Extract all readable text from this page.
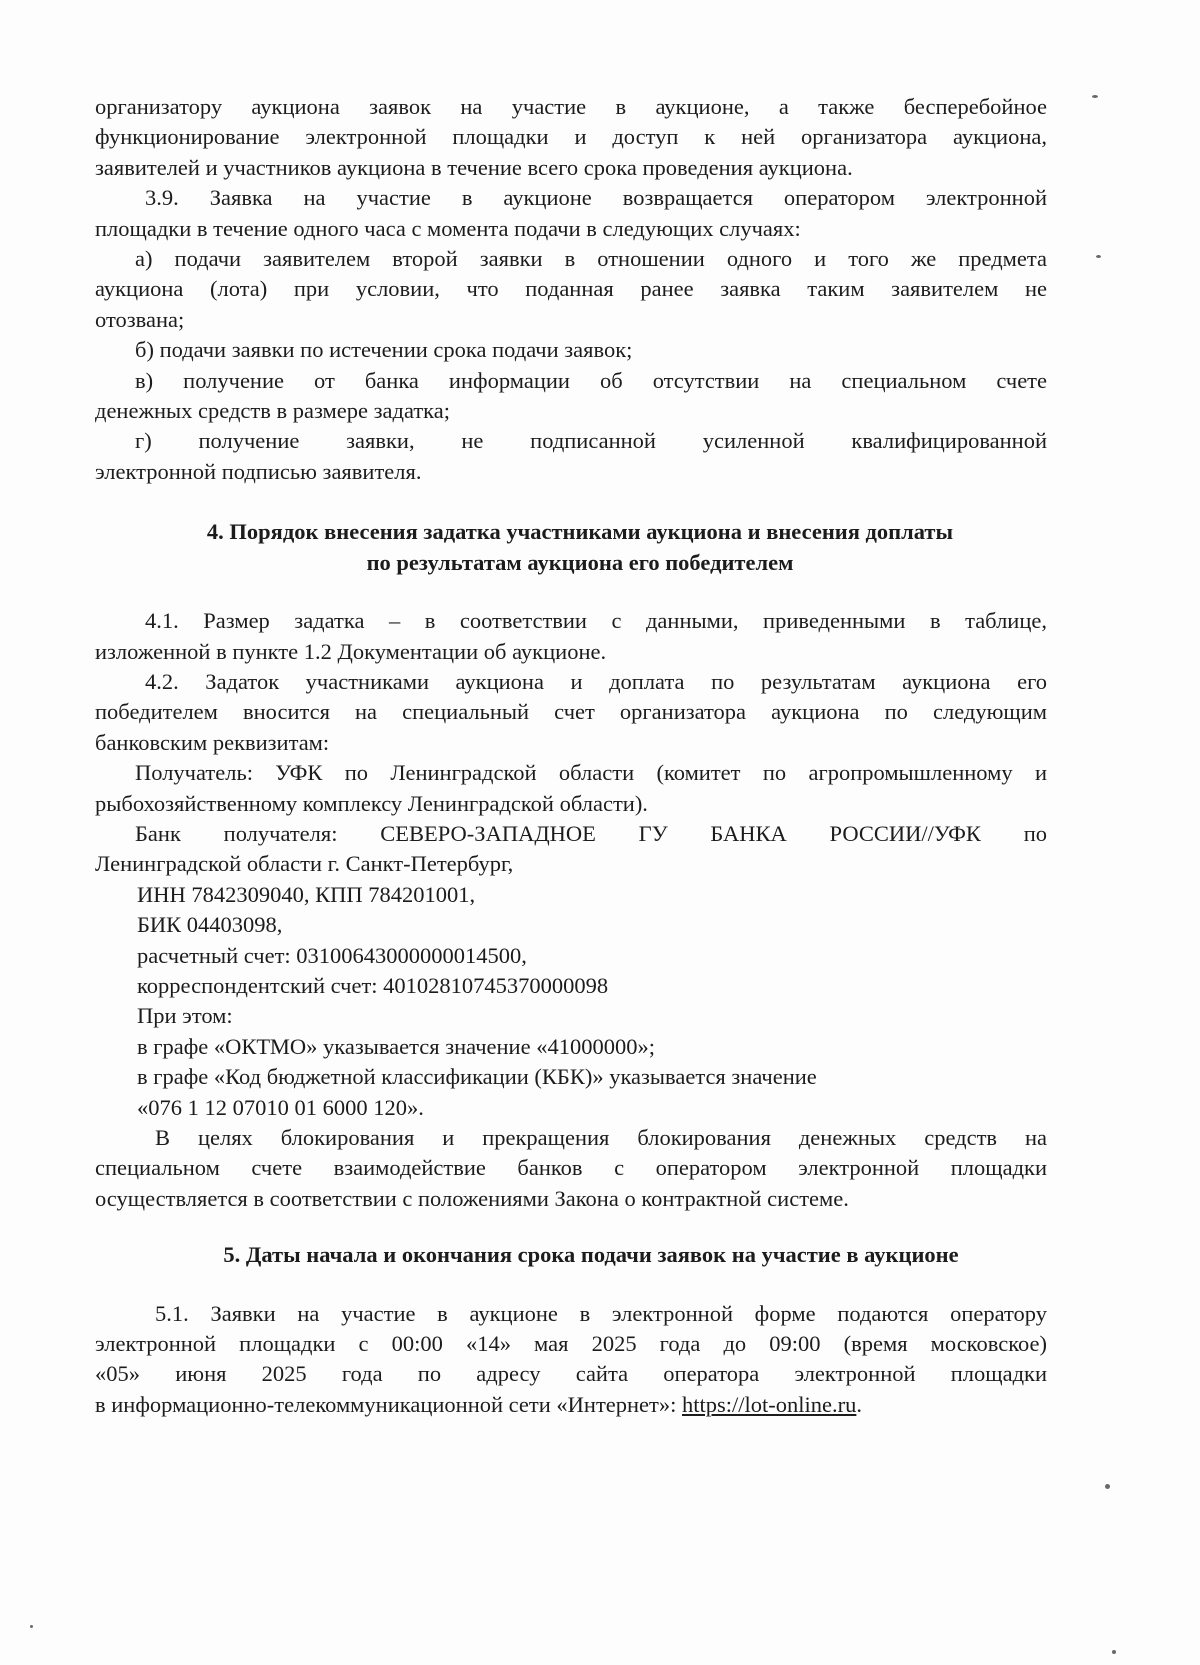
организатору аукциона заявок на участие в аукционе, а также бесперебойное

функционирование электронной площадки и доступ к ней организатора аукциона,

заявителей и участников аукциона в течение всего срока проведения аукциона.

3.9. Заявка на участие в аукционе возвращается оператором электронной

площадки в течение одного часа с момента подачи в следующих случаях:

а) подачи заявителем второй заявки в отношении одного и того же предмета

аукциона (лота) при условии, что поданная ранее заявка таким заявителем не

отозвана;

б) подачи заявки по истечении срока подачи заявок;

в) получение от банка информации об отсутствии на специальном счете

денежных средств в размере задатка;

г) получение заявки, не подписанной усиленной квалифицированной

электронной подписью заявителя.

4. Порядок внесения задатка участниками аукциона и внесения доплаты

по результатам аукциона его победителем

4.1. Размер задатка – в соответствии с данными, приведенными в таблице,

изложенной в пункте 1.2 Документации об аукционе.

4.2. Задаток участниками аукциона и доплата по результатам аукциона его

победителем вносится на специальный счет организатора аукциона по следующим

банковским реквизитам:

Получатель: УФК по Ленинградской области (комитет по агропромышленному и

рыбохозяйственному комплексу Ленинградской области).

Банк получателя: СЕВЕРО-ЗАПАДНОЕ ГУ БАНКА РОССИИ//УФК по

Ленинградской области г. Санкт-Петербург,

ИНН 7842309040, КПП 784201001,

БИК 04403098,

расчетный счет: 03100643000000014500,

корреспондентский счет: 40102810745370000098

При этом:

в графе «ОКТМО» указывается значение «41000000»;

в графе «Код бюджетной классификации (КБК)» указывается значение

«076 1 12 07010 01 6000 120».

В целях блокирования и прекращения блокирования денежных средств на

специальном счете взаимодействие банков с оператором электронной площадки

осуществляется в соответствии с положениями Закона о контрактной системе.

5. Даты начала и окончания срока подачи заявок на участие в аукционе

5.1. Заявки на участие в аукционе в электронной форме подаются оператору

электронной площадки с 00:00 «14» мая 2025 года до 09:00 (время московское)

«05» июня 2025 года по адресу сайта оператора электронной площадки

в информационно-телекоммуникационной сети «Интернет»: https://lot-online.ru.
